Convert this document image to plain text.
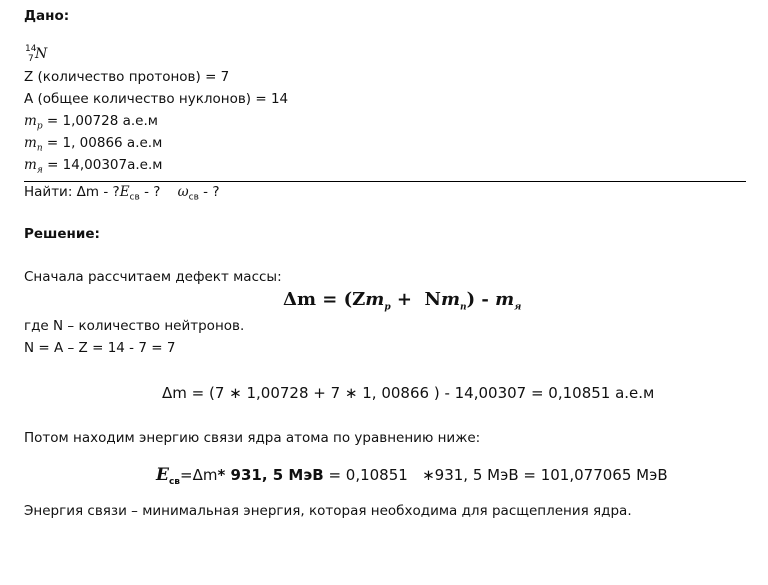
Дано:
14
7 N
Z (количество протонов) = 7
A (общее количество нуклонов) = 14
$m_p = 1,00728$ а.е.м
$m_n = 1$, 00866 а.е.м
$m_я = 14,00307а.е.м$
Найти: Δm - $?E_{св}$ - ?    $\omega_{св}$ - ?
Решение:
Сначала рассчитаем дефект массы:
$\Delta m = (Zm_p + Nm_n) - m_я$
где N – количество нейтронов.
N = A – Z = 14 - 7 = 7
Δm = (7 ∗ 1,00728 + 7 ∗ 1, 00866 ) - 14,00307 = 0,10851 а.е.м
Потом находим энергию связи ядра атома по уравнению ниже:
$E_{св}=\Delta m*$ 931, 5 МэВ = 0,10851   ∗931, 5 МэВ = 101,077065 МэВ
Энергия связи – минимальная энергия, которая необходима для расщепления ядра.
